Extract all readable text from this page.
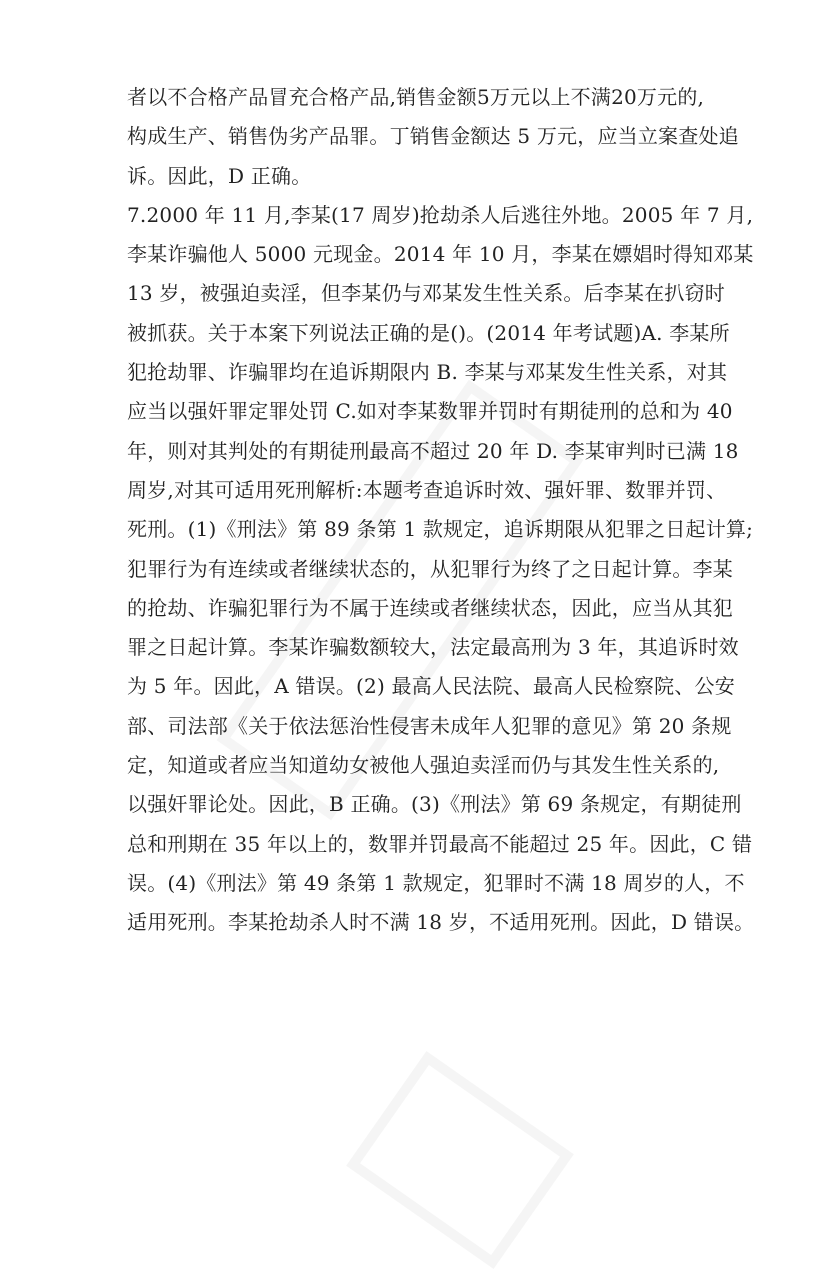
者以不合格产品冒充合格产品,销售金额5万元以上不满20万元的,
构成生产、销售伪劣产品罪。丁销售金额达 5 万元，应当立案查处追
诉。因此，D 正确。
7.2000 年 11 月,李某(17 周岁)抢劫杀人后逃往外地。2005 年 7 月,
李某诈骗他人 5000 元现金。2014 年 10 月，李某在嫖娼时得知邓某
13 岁，被强迫卖淫，但李某仍与邓某发生性关系。后李某在扒窃时
被抓获。关于本案下列说法正确的是()。(2014 年考试题)A. 李某所
犯抢劫罪、诈骗罪均在追诉期限内 B. 李某与邓某发生性关系，对其
应当以强奸罪定罪处罚 C.如对李某数罪并罚时有期徒刑的总和为 40
年，则对其判处的有期徒刑最高不超过 20 年 D. 李某审判时已满 18
周岁,对其可适用死刑解析:本题考查追诉时效、强奸罪、数罪并罚、
死刑。(1)《刑法》第 89 条第 1 款规定，追诉期限从犯罪之日起计算;
犯罪行为有连续或者继续状态的，从犯罪行为终了之日起计算。李某
的抢劫、诈骗犯罪行为不属于连续或者继续状态，因此，应当从其犯
罪之日起计算。李某诈骗数额较大，法定最高刑为 3 年，其追诉时效
为 5 年。因此，A 错误。(2) 最高人民法院、最高人民检察院、公安
部、司法部《关于依法惩治性侵害未成年人犯罪的意见》第 20 条规
定，知道或者应当知道幼女被他人强迫卖淫而仍与其发生性关系的,
以强奸罪论处。因此，B 正确。(3)《刑法》第 69 条规定，有期徒刑
总和刑期在 35 年以上的，数罪并罚最高不能超过 25 年。因此，C 错
误。(4)《刑法》第 49 条第 1 款规定，犯罪时不满 18 周岁的人，不
适用死刑。李某抢劫杀人时不满 18 岁，不适用死刑。因此，D 错误。
